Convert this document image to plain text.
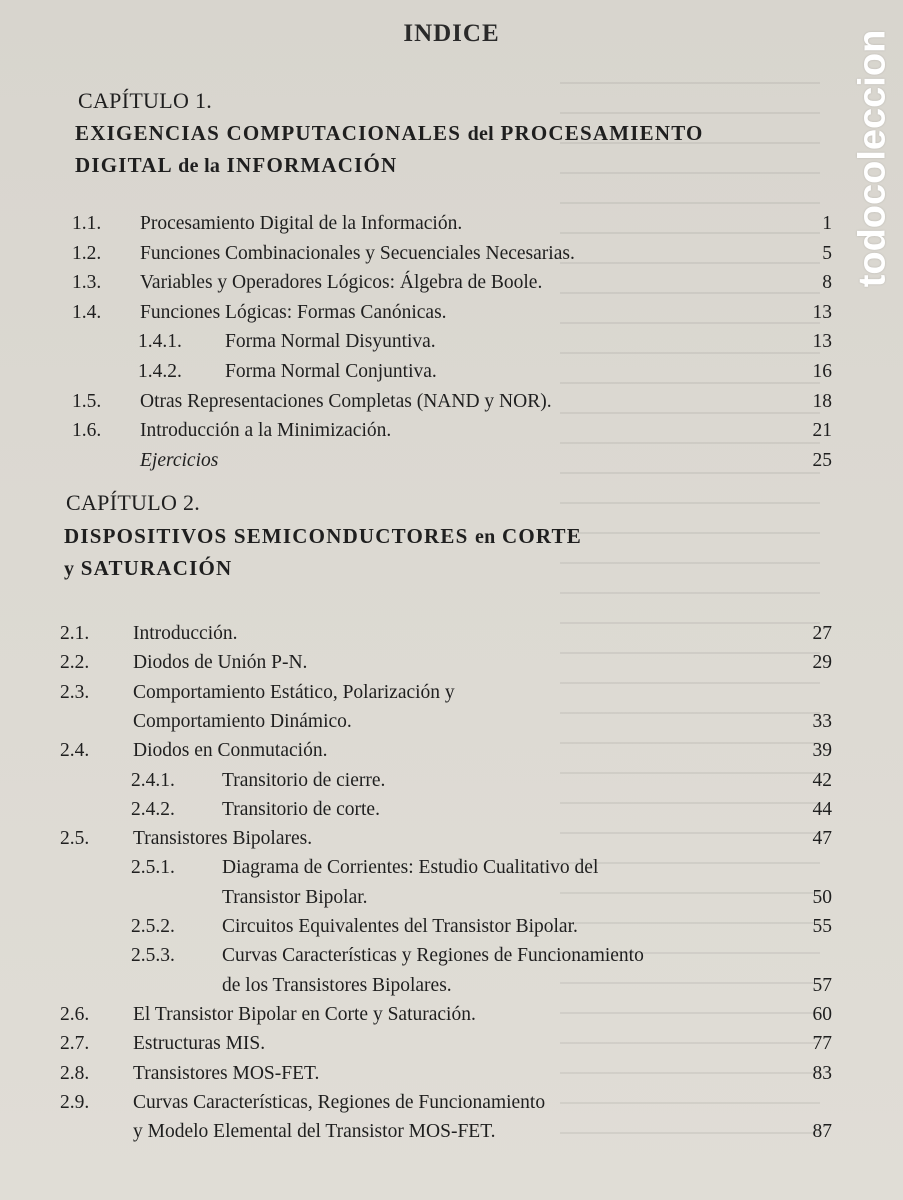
todocoleccion
INDICE
CAPÍTULO 1.
EXIGENCIAS COMPUTACIONALES del PROCESAMIENTO
DIGITAL de la INFORMACIÓN
1.1. Procesamiento Digital de la Información.	1
1.2. Funciones Combinacionales y Secuenciales Necesarias.	5
1.3. Variables y Operadores Lógicos: Álgebra de Boole.	8
1.4. Funciones Lógicas: Formas Canónicas.	13
1.4.1. Forma Normal Disyuntiva.	13
1.4.2. Forma Normal Conjuntiva.	16
1.5. Otras Representaciones Completas (NAND y NOR).	18
1.6. Introducción a la Minimización.	21
Ejercicios	25
CAPÍTULO 2.
DISPOSITIVOS SEMICONDUCTORES en CORTE
y SATURACIÓN
2.1. Introducción.	27
2.2. Diodos de Unión P-N.	29
2.3. Comportamiento Estático, Polarización y
Comportamiento Dinámico.	33
2.4. Diodos en Conmutación.	39
2.4.1. Transitorio de cierre.	42
2.4.2. Transitorio de corte.	44
2.5. Transistores Bipolares.	47
2.5.1. Diagrama de Corrientes: Estudio Cualitativo del
Transistor Bipolar.	50
2.5.2. Circuitos Equivalentes del Transistor Bipolar.	55
2.5.3. Curvas Características y Regiones de Funcionamiento
de los Transistores Bipolares.	57
2.6. El Transistor Bipolar en Corte y Saturación.	60
2.7. Estructuras MIS.	77
2.8. Transistores MOS-FET.	83
2.9. Curvas Características, Regiones de Funcionamiento
y Modelo Elemental del Transistor MOS-FET.	87
